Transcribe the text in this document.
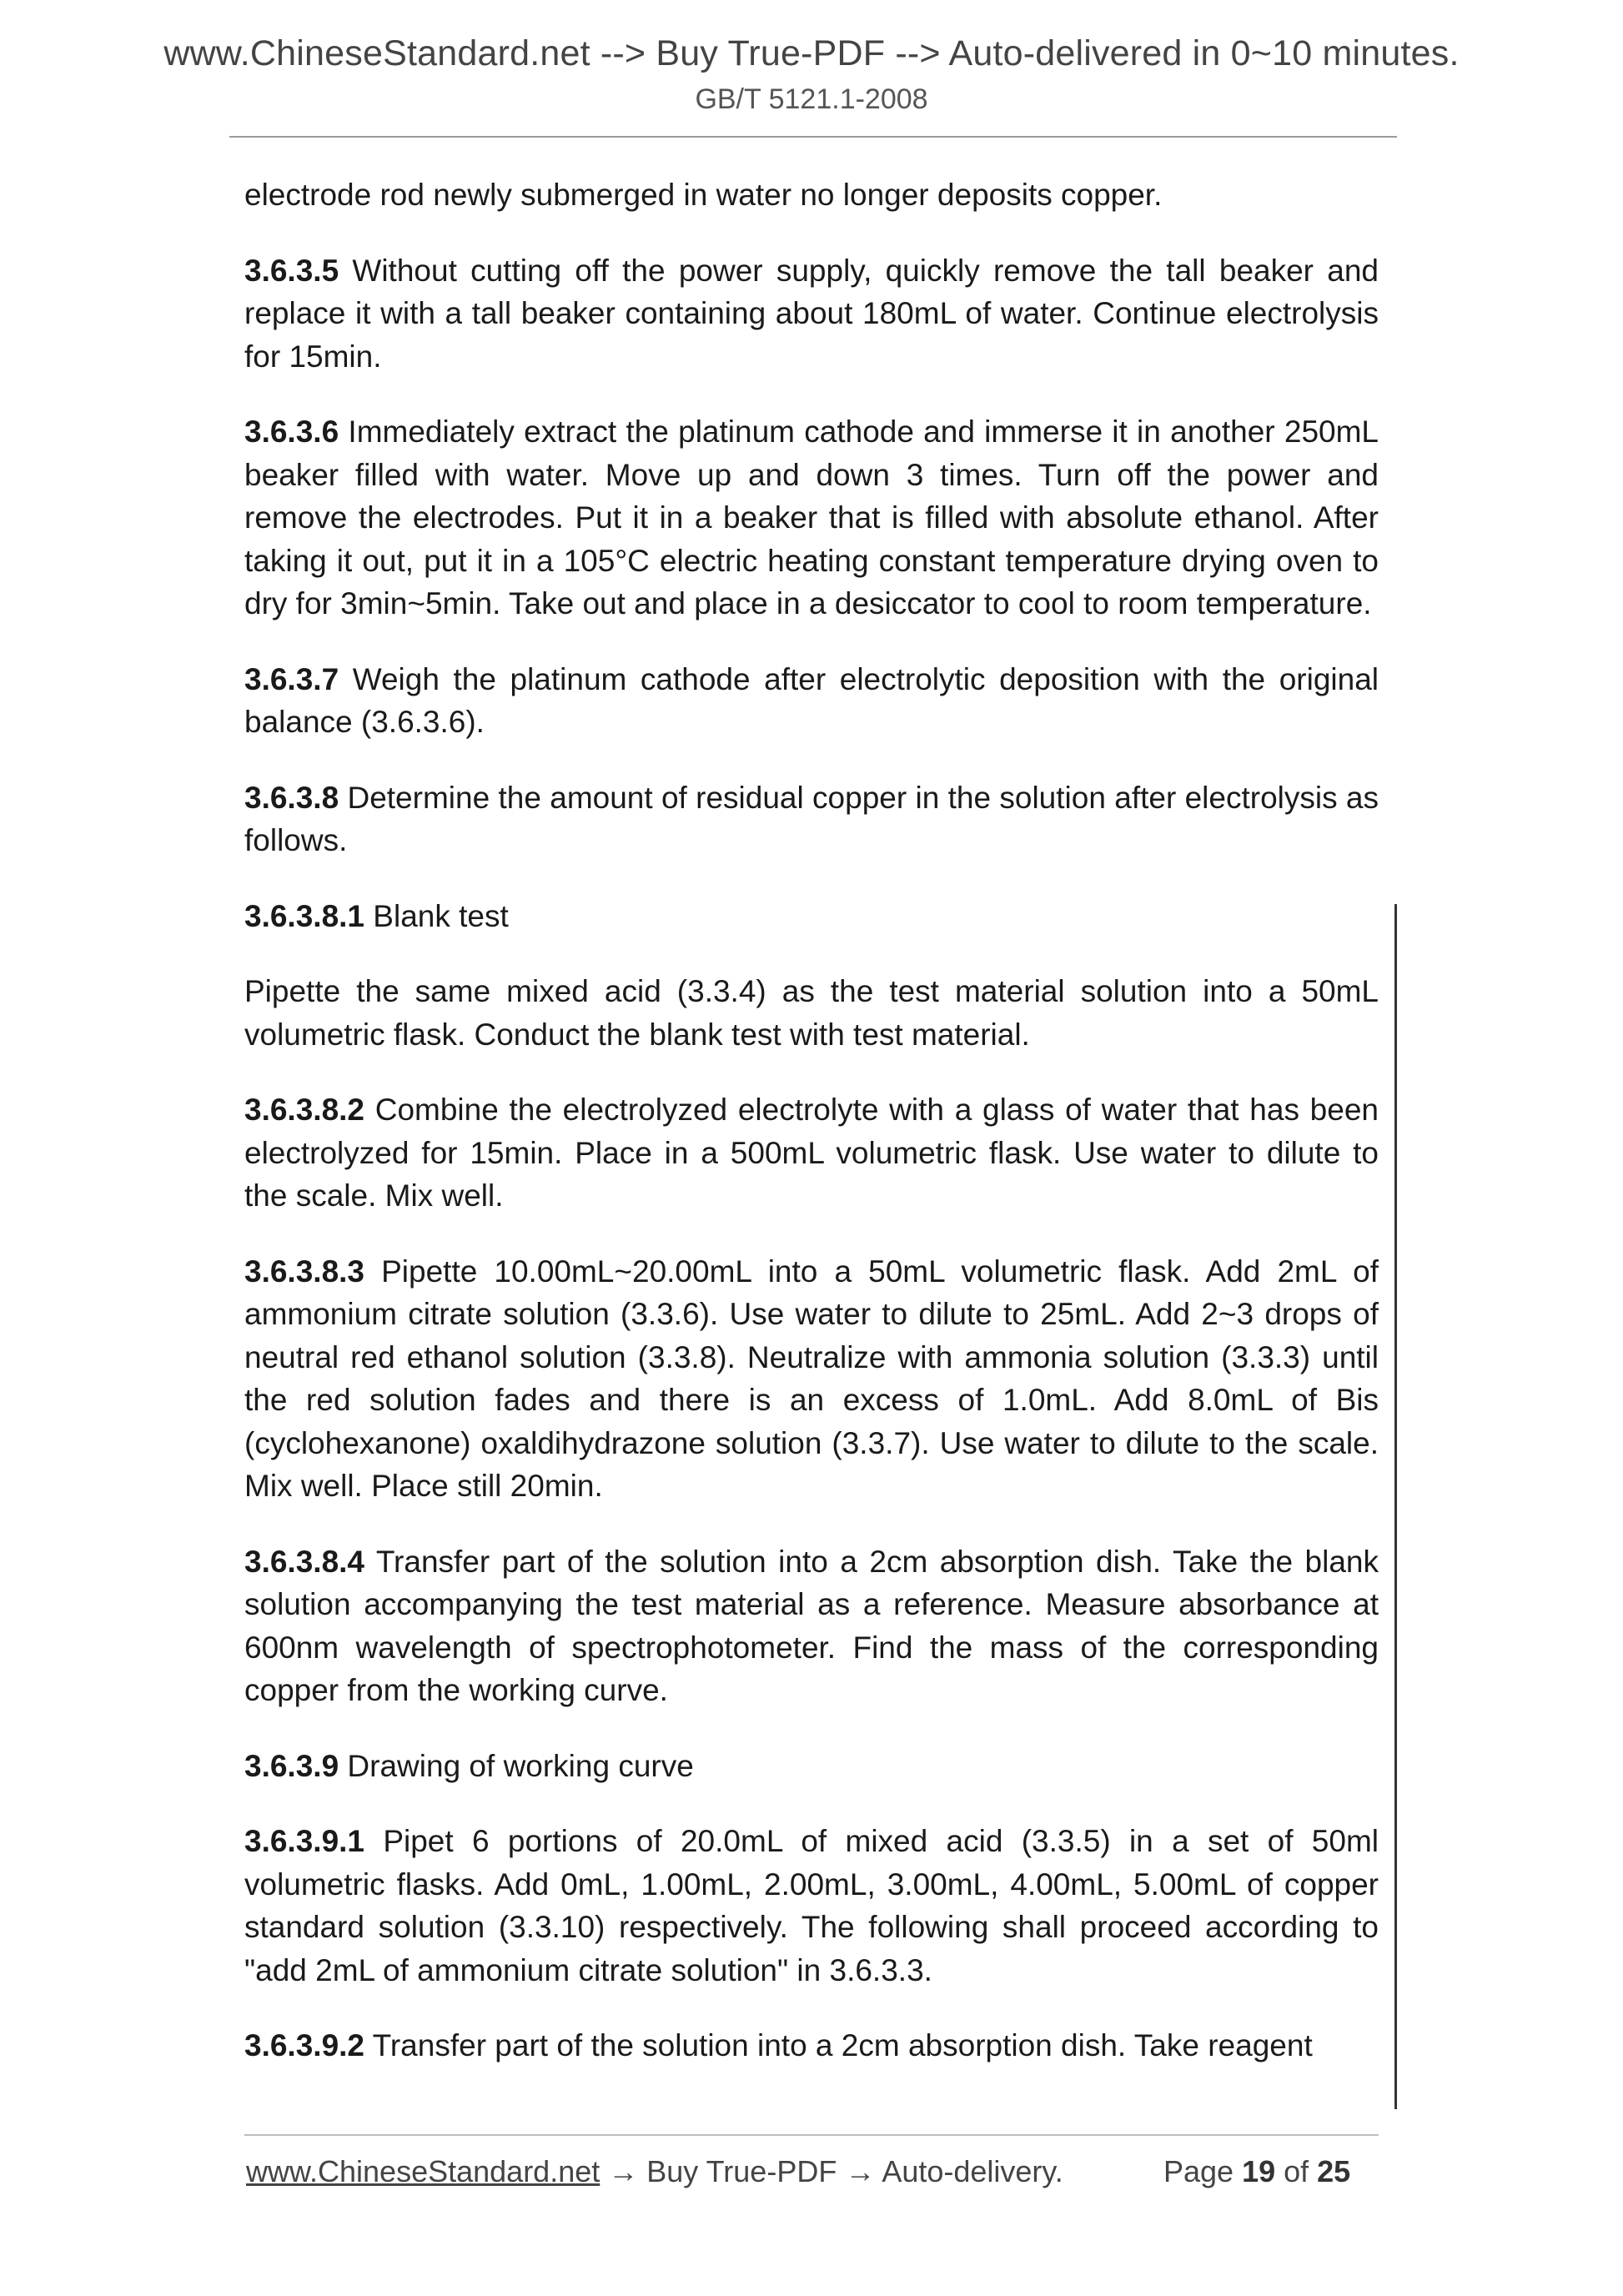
www.ChineseStandard.net --> Buy True-PDF --> Auto-delivered in 0~10 minutes.
GB/T 5121.1-2008

electrode rod newly submerged in water no longer deposits copper.

3.6.3.5 Without cutting off the power supply, quickly remove the tall beaker and replace it with a tall beaker containing about 180mL of water. Continue electrolysis for 15min.

3.6.3.6 Immediately extract the platinum cathode and immerse it in another 250mL beaker filled with water. Move up and down 3 times. Turn off the power and remove the electrodes. Put it in a beaker that is filled with absolute ethanol. After taking it out, put it in a 105°C electric heating constant temperature drying oven to dry for 3min~5min. Take out and place in a desiccator to cool to room temperature.

3.6.3.7 Weigh the platinum cathode after electrolytic deposition with the original balance (3.6.3.6).

3.6.3.8 Determine the amount of residual copper in the solution after electrolysis as follows.

3.6.3.8.1 Blank test

Pipette the same mixed acid (3.3.4) as the test material solution into a 50mL volumetric flask. Conduct the blank test with test material.

3.6.3.8.2 Combine the electrolyzed electrolyte with a glass of water that has been electrolyzed for 15min. Place in a 500mL volumetric flask. Use water to dilute to the scale. Mix well.

3.6.3.8.3 Pipette 10.00mL~20.00mL into a 50mL volumetric flask. Add 2mL of ammonium citrate solution (3.3.6). Use water to dilute to 25mL. Add 2~3 drops of neutral red ethanol solution (3.3.8). Neutralize with ammonia solution (3.3.3) until the red solution fades and there is an excess of 1.0mL. Add 8.0mL of Bis (cyclohexanone) oxaldihydrazone solution (3.3.7). Use water to dilute to the scale. Mix well. Place still 20min.

3.6.3.8.4 Transfer part of the solution into a 2cm absorption dish. Take the blank solution accompanying the test material as a reference. Measure absorbance at 600nm wavelength of spectrophotometer. Find the mass of the corresponding copper from the working curve.

3.6.3.9 Drawing of working curve

3.6.3.9.1 Pipet 6 portions of 20.0mL of mixed acid (3.3.5) in a set of 50ml volumetric flasks. Add 0mL, 1.00mL, 2.00mL, 3.00mL, 4.00mL, 5.00mL of copper standard solution (3.3.10) respectively. The following shall proceed according to "add 2mL of ammonium citrate solution" in 3.6.3.3.

3.6.3.9.2 Transfer part of the solution into a 2cm absorption dish. Take reagent

www.ChineseStandard.net → Buy True-PDF → Auto-delivery.	Page 19 of 25
